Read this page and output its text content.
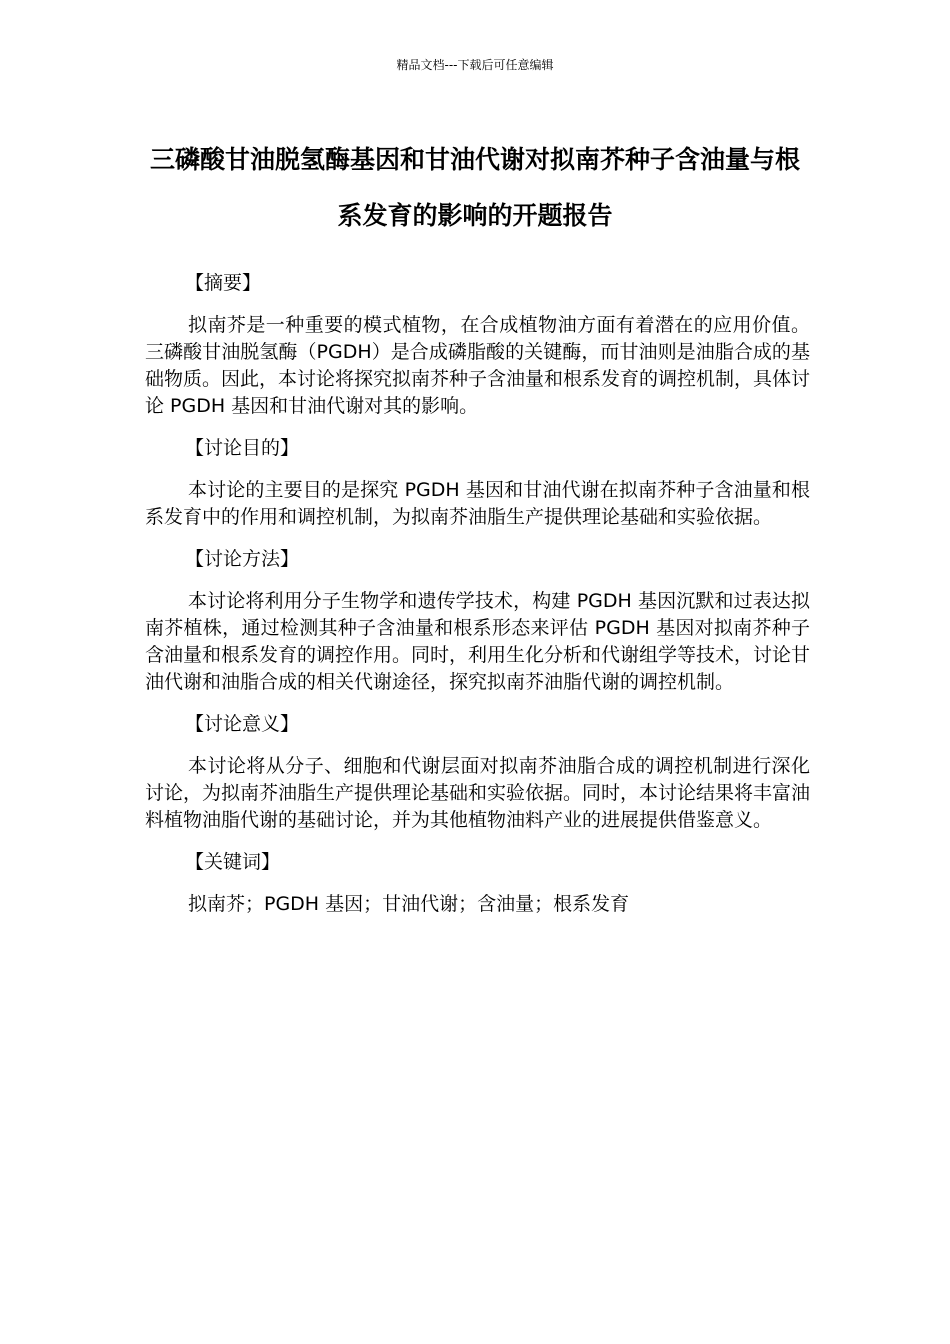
精品文档---下载后可任意编辑
三磷酸甘油脱氢酶基因和甘油代谢对拟南芥种子含油量与根系发育的影响的开题报告

【摘要】

拟南芥是一种重要的模式植物，在合成植物油方面有着潜在的应用价值。三磷酸甘油脱氢酶（PGDH）是合成磷脂酸的关键酶，而甘油则是油脂合成的基础物质。因此，本讨论将探究拟南芥种子含油量和根系发育的调控机制，具体讨论 PGDH 基因和甘油代谢对其的影响。

【讨论目的】

本讨论的主要目的是探究 PGDH 基因和甘油代谢在拟南芥种子含油量和根系发育中的作用和调控机制，为拟南芥油脂生产提供理论基础和实验依据。

【讨论方法】

本讨论将利用分子生物学和遗传学技术，构建 PGDH 基因沉默和过表达拟南芥植株，通过检测其种子含油量和根系形态来评估 PGDH 基因对拟南芥种子含油量和根系发育的调控作用。同时，利用生化分析和代谢组学等技术，讨论甘油代谢和油脂合成的相关代谢途径，探究拟南芥油脂代谢的调控机制。

【讨论意义】

本讨论将从分子、细胞和代谢层面对拟南芥油脂合成的调控机制进行深化讨论，为拟南芥油脂生产提供理论基础和实验依据。同时，本讨论结果将丰富油料植物油脂代谢的基础讨论，并为其他植物油料产业的进展提供借鉴意义。

【关键词】

拟南芥；PGDH 基因；甘油代谢；含油量；根系发育
